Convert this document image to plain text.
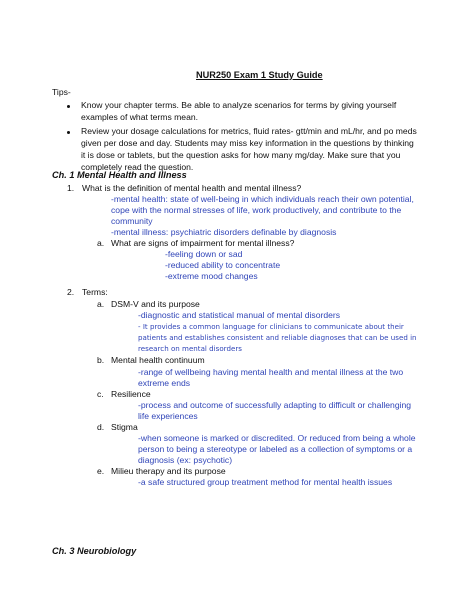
NUR250 Exam 1 Study Guide
Tips-
Know your chapter terms. Be able to analyze scenarios for terms by giving yourself
examples of what terms mean.
Review your dosage calculations for metrics, fluid rates- gtt/min and mL/hr, and po meds
given per dose and day. Students may miss key information in the questions by thinking
it is dose or tablets, but the question asks for how many mg/day. Make sure that you
completely read the question.
Ch. 1 Mental Health and Illness
1. What is the definition of mental health and mental illness?
-mental health: state of well-being in which individuals reach their own potential,
cope with the normal stresses of life, work productively, and contribute to the
community
-mental illness: psychiatric disorders definable by diagnosis
a. What are signs of impairment for mental illness?
-feeling down or sad
-reduced ability to concentrate
-extreme mood changes
2. Terms:
a. DSM-V and its purpose
-diagnostic and statistical manual of mental disorders
- It provides a common language for clinicians to communicate about their
patients and establishes consistent and reliable diagnoses that can be used in
research on mental disorders
b. Mental health continuum
-range of wellbeing having mental health and mental illness at the two
extreme ends
c. Resilience
-process and outcome of successfully adapting to difficult or challenging
life experiences
d. Stigma
-when someone is marked or discredited. Or reduced from being a whole
person to being a stereotype or labeled as a collection of symptoms or a
diagnosis (ex: psychotic)
e. Milieu therapy and its purpose
-a safe structured group treatment method for mental health issues
Ch. 3 Neurobiology
